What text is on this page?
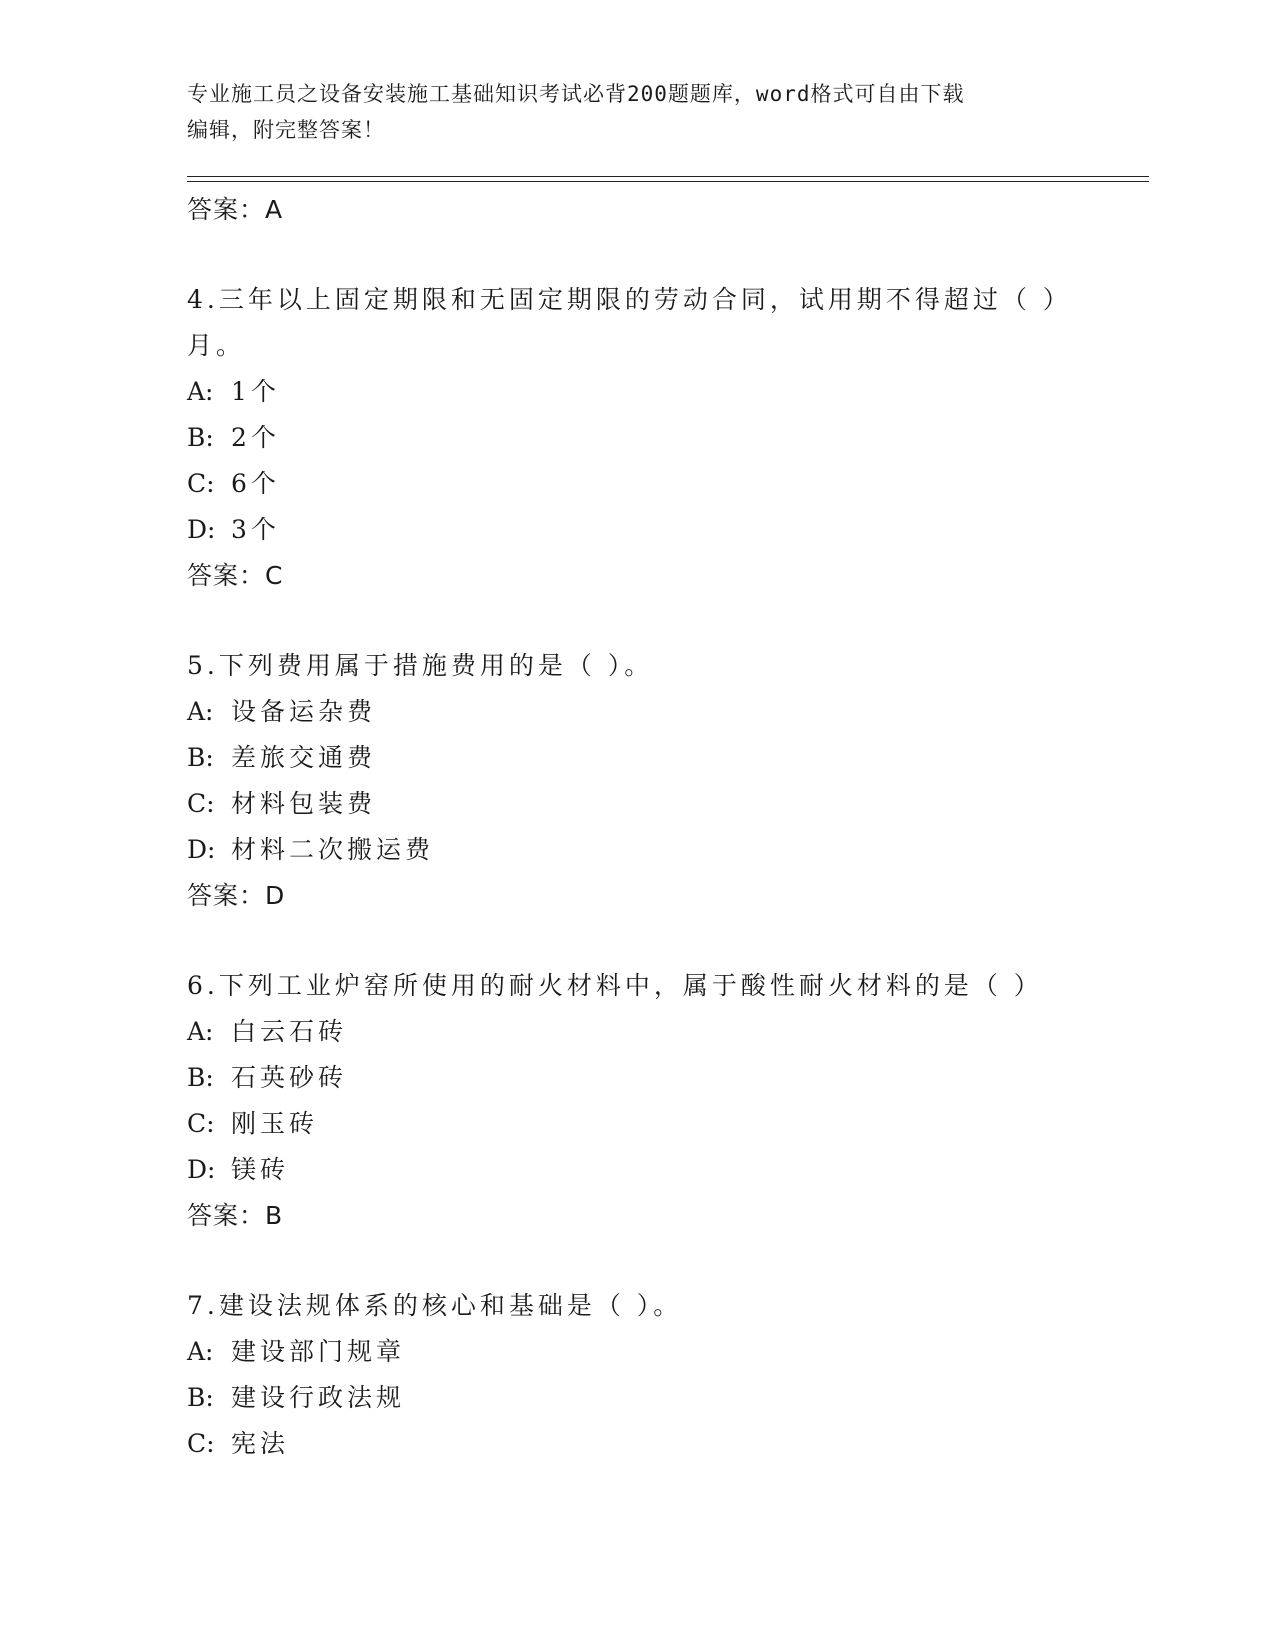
专业施工员之设备安装施工基础知识考试必背200题题库，word格式可自由下载
编辑，附完整答案！
答案：A
4.三年以上固定期限和无固定期限的劳动合同，试用期不得超过（ ）
月。
A: 1个
B: 2个
C: 6个
D: 3个
答案：C
5.下列费用属于措施费用的是（ ）。
A: 设备运杂费
B: 差旅交通费
C: 材料包装费
D: 材料二次搬运费
答案：D
6.下列工业炉窑所使用的耐火材料中，属于酸性耐火材料的是（ ）
A: 白云石砖
B: 石英砂砖
C: 刚玉砖
D: 镁砖
答案：B
7.建设法规体系的核心和基础是（ ）。
A: 建设部门规章
B: 建设行政法规
C: 宪法
